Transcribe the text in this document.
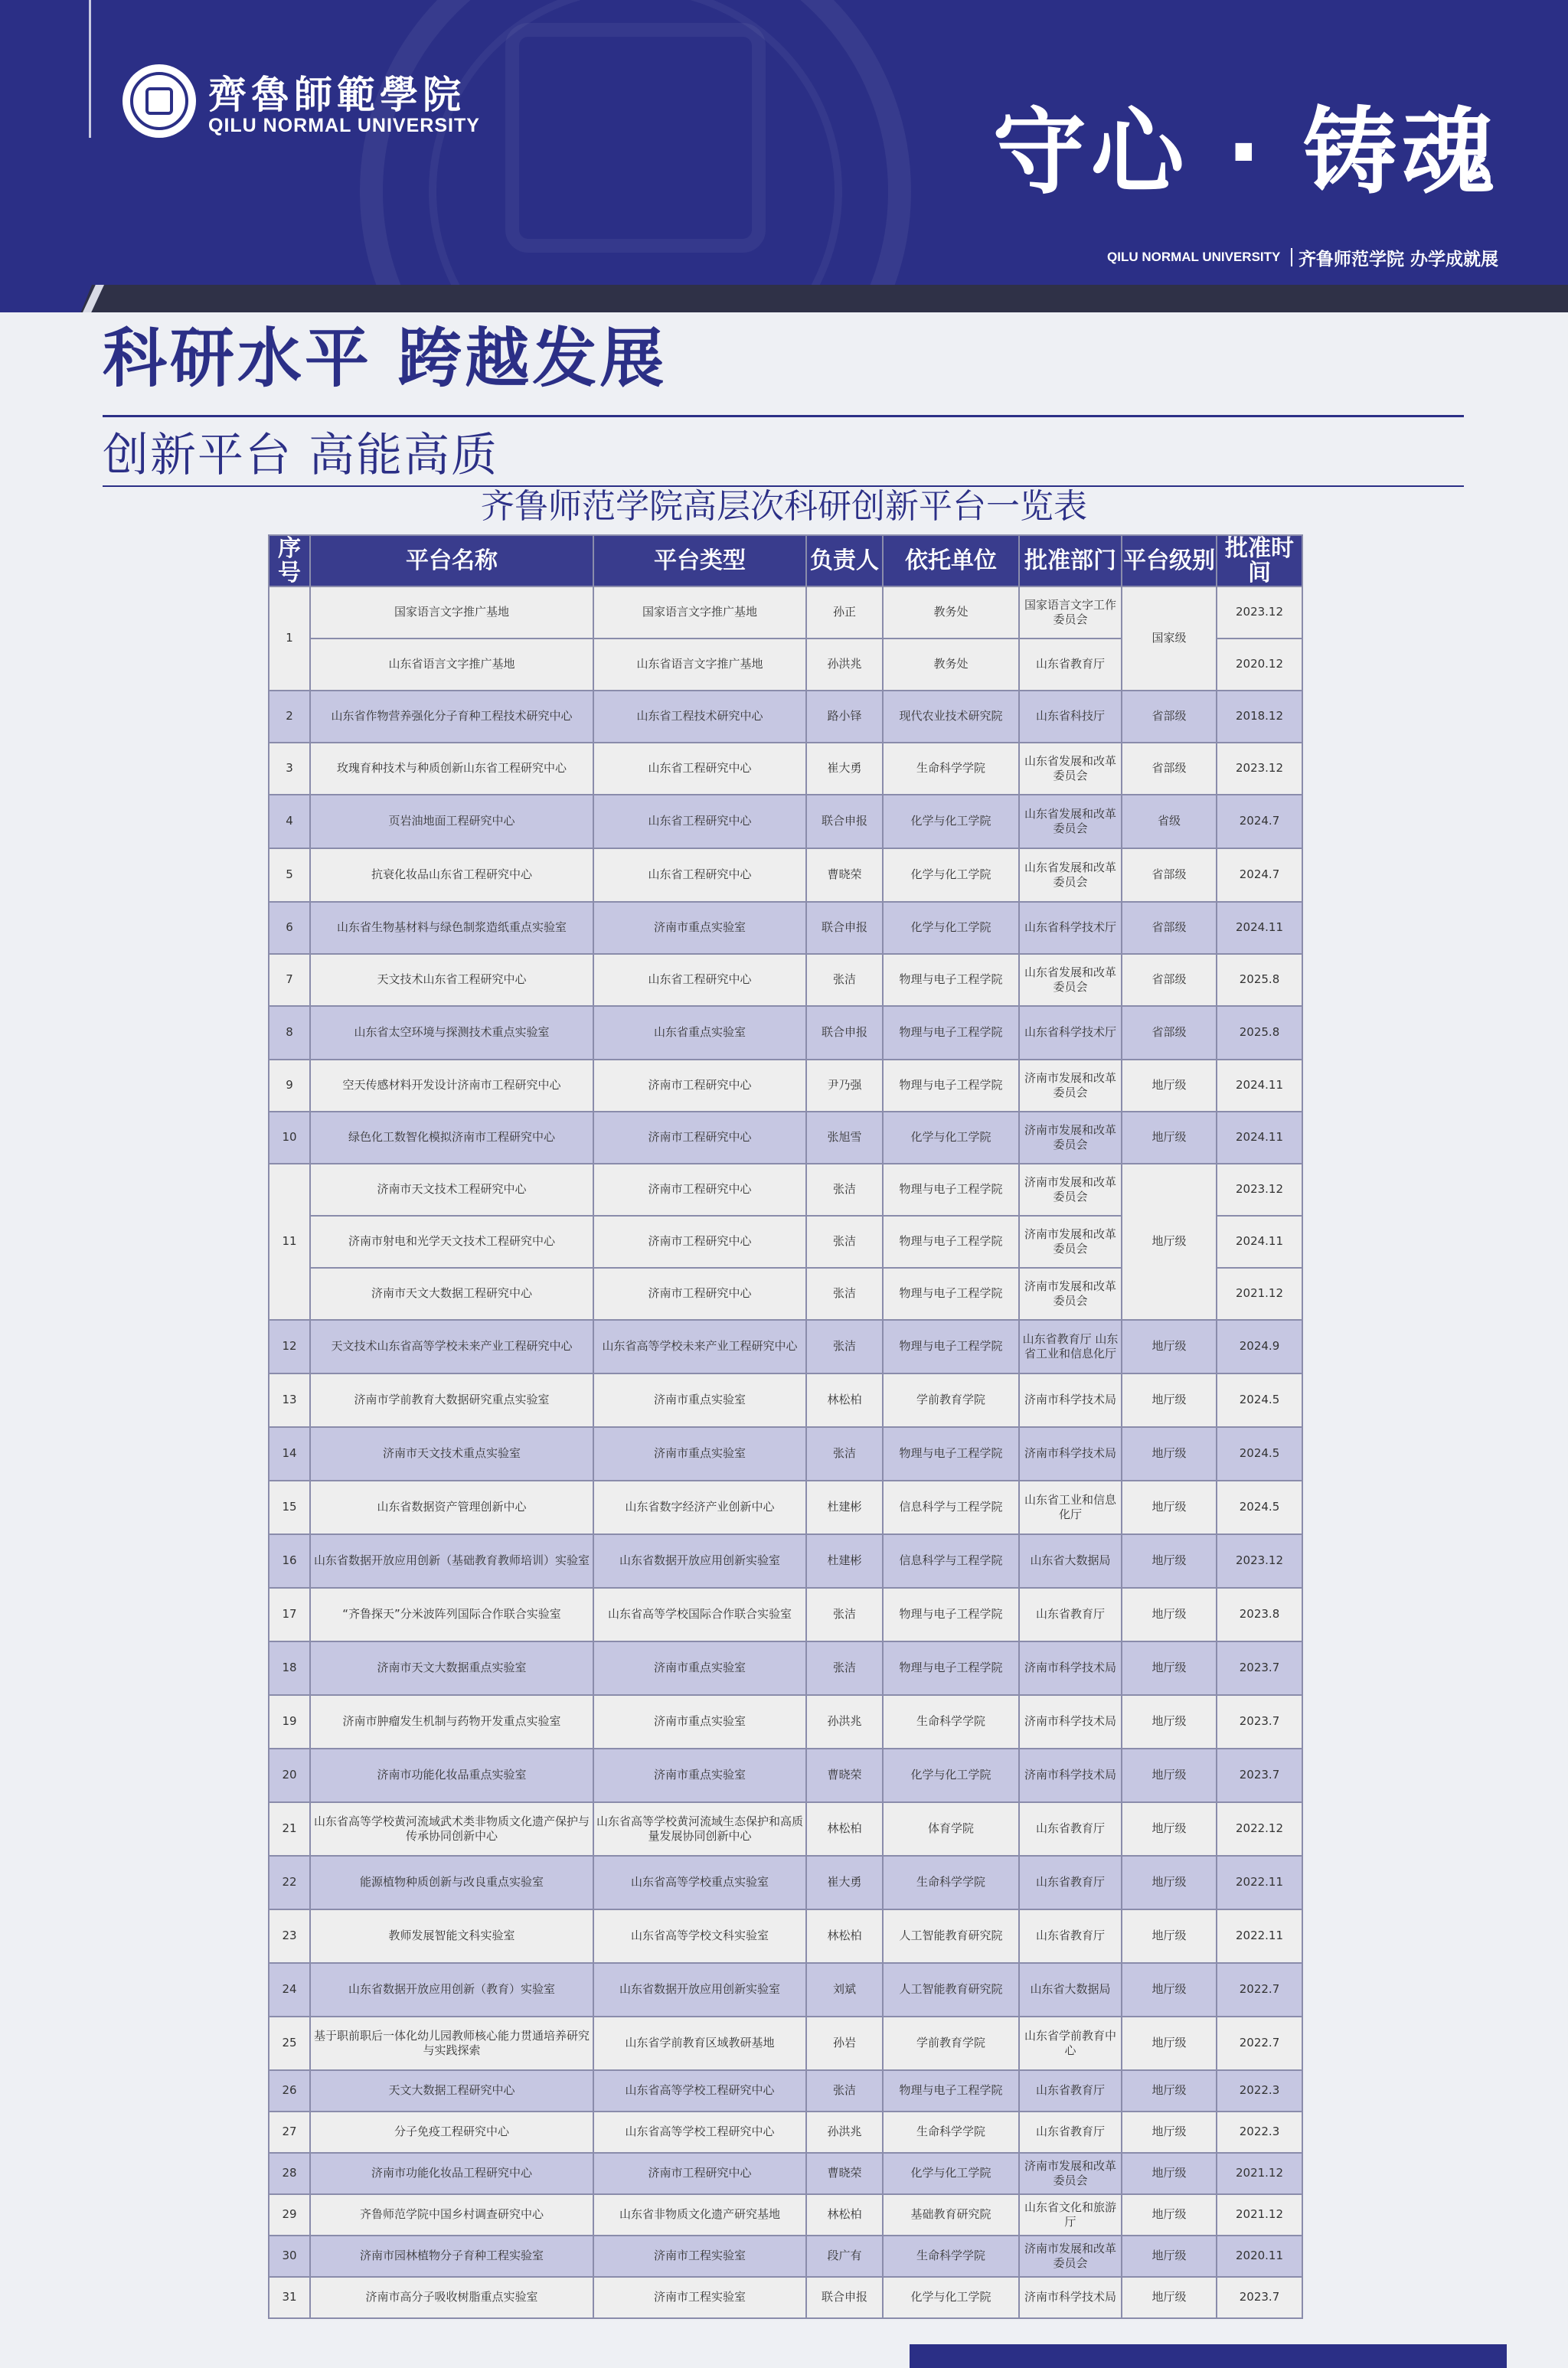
齊魯師範學院
QILU NORMAL UNIVERSITY	守心 · 铸魂
QILU NORMAL UNIVERSITY 齐鲁师范学院 办学成就展
科研水平 跨越发展
创新平台 高能高质
齐鲁师范学院高层次科研创新平台一览表
序号	平台名称	平台类型	负责人	依托单位	批准部门	平台级别	批准时间
1	国家语言文字推广基地	国家语言文字推广基地	孙正	教务处	国家语言文字工作委员会	国家级	2023.12
	山东省语言文字推广基地	山东省语言文字推广基地	孙洪兆	教务处	山东省教育厅		2020.12
2	山东省作物营养强化分子育种工程技术研究中心	山东省工程技术研究中心	路小铎	现代农业技术研究院	山东省科技厅	省部级	2018.12
3	玫瑰育种技术与种质创新山东省工程研究中心	山东省工程研究中心	崔大勇	生命科学学院	山东省发展和改革委员会	省部级	2023.12
4	页岩油地面工程研究中心	山东省工程研究中心	联合申报	化学与化工学院	山东省发展和改革委员会	省级	2024.7
5	抗衰化妆品山东省工程研究中心	山东省工程研究中心	曹晓荣	化学与化工学院	山东省发展和改革委员会	省部级	2024.7
6	山东省生物基材料与绿色制浆造纸重点实验室	济南市重点实验室	联合申报	化学与化工学院	山东省科学技术厅	省部级	2024.11
7	天文技术山东省工程研究中心	山东省工程研究中心	张洁	物理与电子工程学院	山东省发展和改革委员会	省部级	2025.8
8	山东省太空环境与探测技术重点实验室	山东省重点实验室	联合申报	物理与电子工程学院	山东省科学技术厅	省部级	2025.8
9	空天传感材料开发设计济南市工程研究中心	济南市工程研究中心	尹乃强	物理与电子工程学院	济南市发展和改革委员会	地厅级	2024.11
10	绿色化工数智化模拟济南市工程研究中心	济南市工程研究中心	张旭雪	化学与化工学院	济南市发展和改革委员会	地厅级	2024.11
11	济南市天文技术工程研究中心	济南市工程研究中心	张洁	物理与电子工程学院	济南市发展和改革委员会	地厅级	2023.12
	济南市射电和光学天文技术工程研究中心	济南市工程研究中心	张洁	物理与电子工程学院	济南市发展和改革委员会		2024.11
	济南市天文大数据工程研究中心	济南市工程研究中心	张洁	物理与电子工程学院	济南市发展和改革委员会		2021.12
12	天文技术山东省高等学校未来产业工程研究中心	山东省高等学校未来产业工程研究中心	张洁	物理与电子工程学院	山东省教育厅 山东省工业和信息化厅	地厅级	2024.9
13	济南市学前教育大数据研究重点实验室	济南市重点实验室	林松柏	学前教育学院	济南市科学技术局	地厅级	2024.5
14	济南市天文技术重点实验室	济南市重点实验室	张洁	物理与电子工程学院	济南市科学技术局	地厅级	2024.5
15	山东省数据资产管理创新中心	山东省数字经济产业创新中心	杜建彬	信息科学与工程学院	山东省工业和信息化厅	地厅级	2024.5
16	山东省数据开放应用创新（基础教育教师培训）实验室	山东省数据开放应用创新实验室	杜建彬	信息科学与工程学院	山东省大数据局	地厅级	2023.12
17	“齐鲁探天”分米波阵列国际合作联合实验室	山东省高等学校国际合作联合实验室	张洁	物理与电子工程学院	山东省教育厅	地厅级	2023.8
18	济南市天文大数据重点实验室	济南市重点实验室	张洁	物理与电子工程学院	济南市科学技术局	地厅级	2023.7
19	济南市肿瘤发生机制与药物开发重点实验室	济南市重点实验室	孙洪兆	生命科学学院	济南市科学技术局	地厅级	2023.7
20	济南市功能化妆品重点实验室	济南市重点实验室	曹晓荣	化学与化工学院	济南市科学技术局	地厅级	2023.7
21	山东省高等学校黄河流域武术类非物质文化遗产保护与传承协同创新中心	山东省高等学校黄河流域生态保护和高质量发展协同创新中心	林松柏	体育学院	山东省教育厅	地厅级	2022.12
22	能源植物种质创新与改良重点实验室	山东省高等学校重点实验室	崔大勇	生命科学学院	山东省教育厅	地厅级	2022.11
23	教师发展智能文科实验室	山东省高等学校文科实验室	林松柏	人工智能教育研究院	山东省教育厅	地厅级	2022.11
24	山东省数据开放应用创新（教育）实验室	山东省数据开放应用创新实验室	刘斌	人工智能教育研究院	山东省大数据局	地厅级	2022.7
25	基于职前职后一体化幼儿园教师核心能力贯通培养研究与实践探索	山东省学前教育区域教研基地	孙岩	学前教育学院	山东省学前教育中心	地厅级	2022.7
26	天文大数据工程研究中心	山东省高等学校工程研究中心	张洁	物理与电子工程学院	山东省教育厅	地厅级	2022.3
27	分子免疫工程研究中心	山东省高等学校工程研究中心	孙洪兆	生命科学学院	山东省教育厅	地厅级	2022.3
28	济南市功能化妆品工程研究中心	济南市工程研究中心	曹晓荣	化学与化工学院	济南市发展和改革委员会	地厅级	2021.12
29	齐鲁师范学院中国乡村调查研究中心	山东省非物质文化遗产研究基地	林松柏	基础教育研究院	山东省文化和旅游厅	地厅级	2021.12
30	济南市园林植物分子育种工程实验室	济南市工程实验室	段广有	生命科学学院	济南市发展和改革委员会	地厅级	2020.11
31	济南市高分子吸收树脂重点实验室	济南市工程实验室	联合申报	化学与化工学院	济南市科学技术局	地厅级	2023.7
